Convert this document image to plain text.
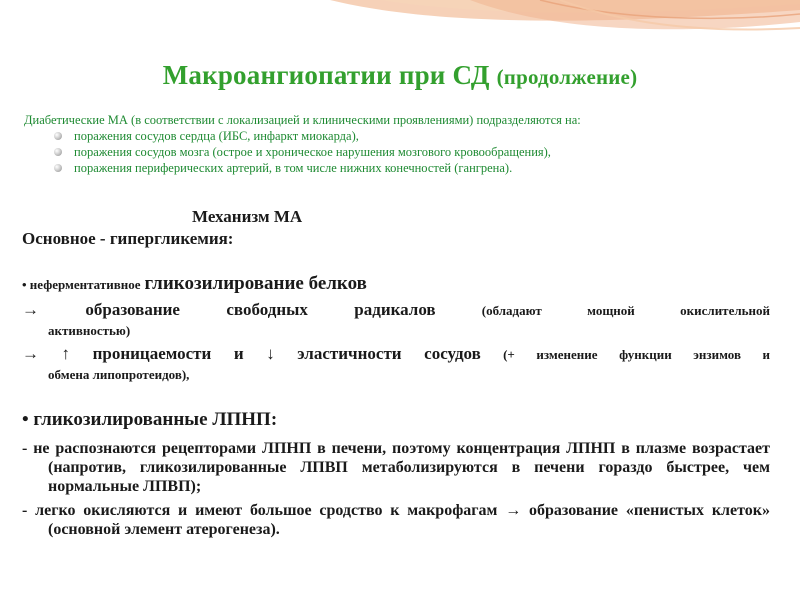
Макроангиопатии при СД (продолжение)
Диабетические МА (в соответствии с локализацией и клиническими проявлениями) подразделяются на:
поражения сосудов сердца (ИБС, инфаркт миокарда),
поражения сосудов мозга (острое и хроническое нарушения мозгового кровообращения),
поражения периферических артерий, в том числе нижних конечностей (гангрена).

Механизм МА

Основное - гипергликемия:

• неферментативное гликозилирование белков

→ образование свободных радикалов	(обладают мощной окислительной

активностью)

→ ↑ проницаемости и ↓ эластичности сосудов (+ изменение функции энзимов и

обмена липопротеидов),

• гликозилированные ЛПНП:

- не распознаются рецепторами ЛПНП в печени, поэтому концентрация ЛПНП в плазме возрастает (напротив, гликозилированные ЛПВП метаболизируются в печени гораздо быстрее, чем нормальные ЛПВП);

- легко окисляются и имеют большое сродство к макрофагам → образование «пенистых клеток» (основной элемент атерогенеза).
